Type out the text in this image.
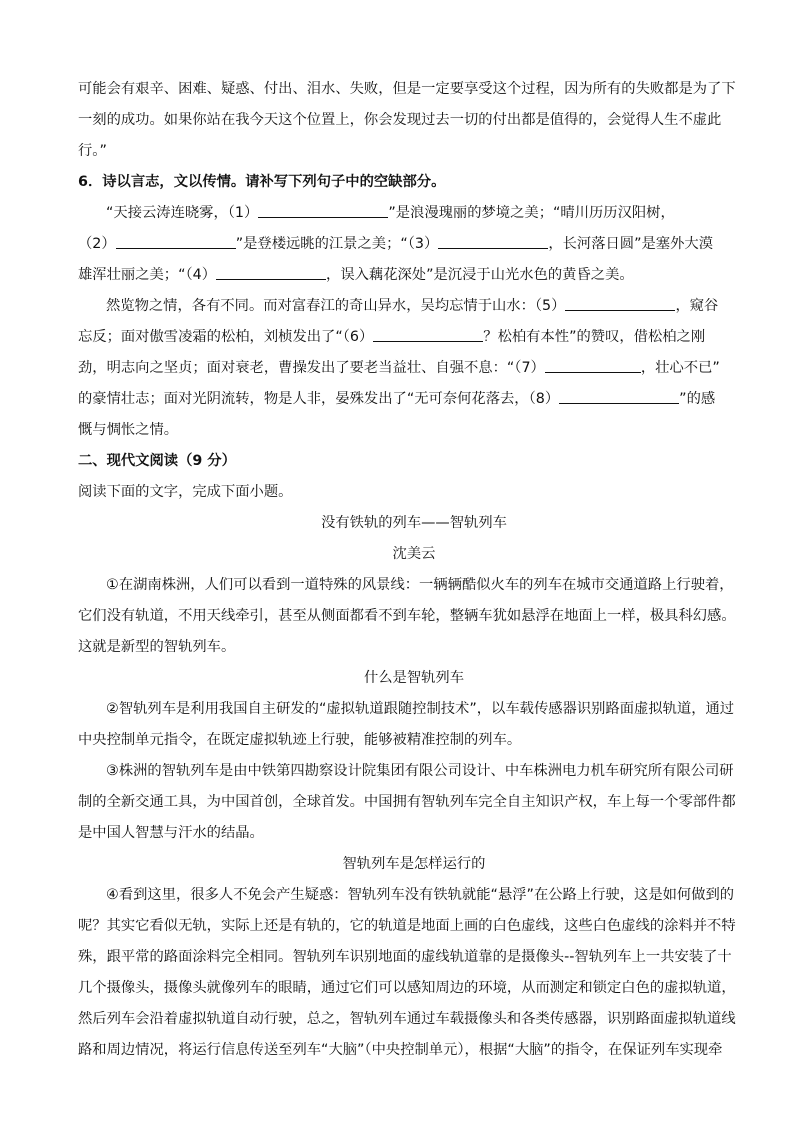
可能会有艰辛、困难、疑惑、付出、泪水、失败，但是一定要享受这个过程，因为所有的失败都是为了下
一刻的成功。如果你站在我今天这个位置上，你会发现过去一切的付出都是值得的，会觉得人生不虚此
行。”
6．诗以言志，文以传情。请补写下列句子中的空缺部分。
“天接云涛连晓雾，（1）	”是浪漫瑰丽的梦境之美；“晴川历历汉阳树，
（2）	”是登楼远眺的江景之美；“（3）	，长河落日圆”是塞外大漠
雄浑壮丽之美；“（4）	，误入藕花深处”是沉浸于山光水色的黄昏之美。
然览物之情，各有不同。而对富春江的奇山异水，吴均忘情于山水：（5）	，窥谷
忘反；面对傲雪凌霜的松柏，刘桢发出了“（6）	？松柏有本性”的赞叹，借松柏之刚
劲，明志向之坚贞；面对衰老，曹操发出了要老当益壮、自强不息：“（7）	，壮心不已”
的豪情壮志；面对光阴流转，物是人非，晏殊发出了“无可奈何花落去，（8）	”的感
慨与惆怅之情。
二、现代文阅读（9 分）
阅读下面的文字，完成下面小题。
没有铁轨的列车——智轨列车
沈美云
①在湖南株洲，人们可以看到一道特殊的风景线：一辆辆酷似火车的列车在城市交通道路上行驶着，
它们没有轨道，不用天线牵引，甚至从侧面都看不到车轮，整辆车犹如悬浮在地面上一样，极具科幻感。
这就是新型的智轨列车。
什么是智轨列车
②智轨列车是利用我国自主研发的“虚拟轨道跟随控制技术”，以车载传感器识别路面虚拟轨道，通过
中央控制单元指令，在既定虚拟轨迹上行驶，能够被精准控制的列车。
③株洲的智轨列车是由中铁第四勘察设计院集团有限公司设计、中车株洲电力机车研究所有限公司研
制的全新交通工具，为中国首创，全球首发。中国拥有智轨列车完全自主知识产权，车上每一个零部件都
是中国人智慧与汗水的结晶。
智轨列车是怎样运行的
④看到这里，很多人不免会产生疑惑：智轨列车没有铁轨就能“悬浮”在公路上行驶，这是如何做到的
呢？其实它看似无轨，实际上还是有轨的，它的轨道是地面上画的白色虚线，这些白色虚线的涂料并不特
殊，跟平常的路面涂料完全相同。智轨列车识别地面的虚线轨道靠的是摄像头--智轨列车上一共安装了十
几个摄像头，摄像头就像列车的眼睛，通过它们可以感知周边的环境，从而测定和锁定白色的虚拟轨道，
然后列车会沿着虚拟轨道自动行驶，总之，智轨列车通过车载摄像头和各类传感器，识别路面虚拟轨道线
路和周边情况，将运行信息传送至列车“大脑”（中央控制单元），根据“大脑”的指令，在保证列车实现牵
